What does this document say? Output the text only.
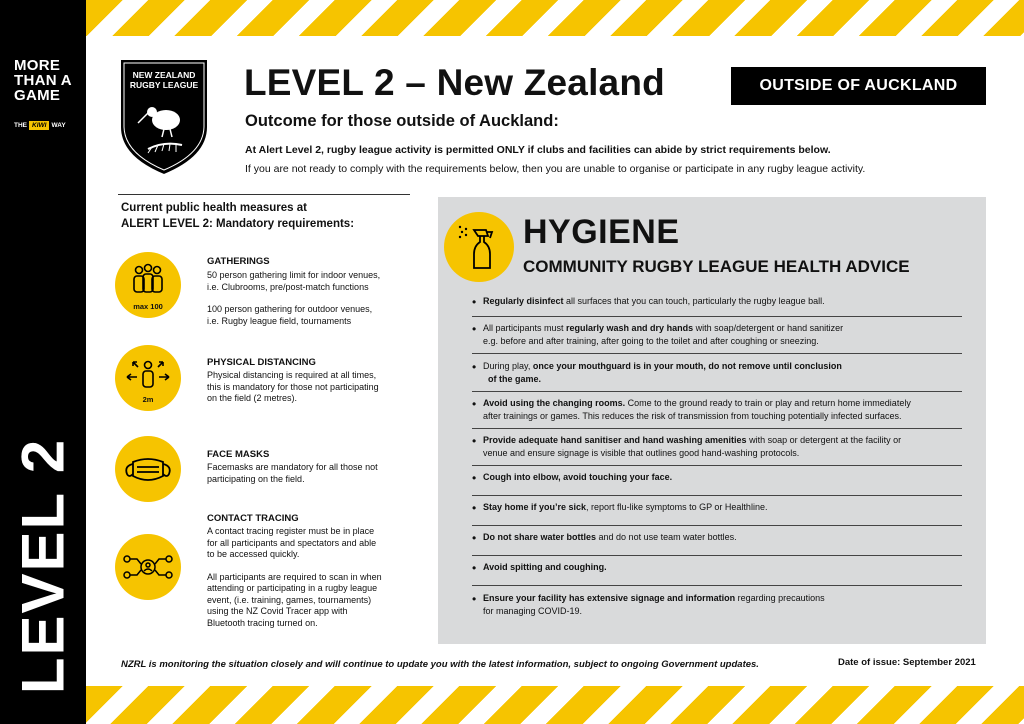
MORE
THAN A
GAME
THE KIWI WAY
LEVEL 2
NEW ZEALAND
RUGBY LEAGUE	LEVEL 2 – New Zealand	OUTSIDE OF AUCKLAND
Outcome for those outside of Auckland:
At Alert Level 2, rugby league activity is permitted ONLY if clubs and facilities can abide by strict requirements below.
If you are not ready to comply with the requirements below, then you are unable to organise or participate in any rugby league activity.
Current public health measures at
ALERT LEVEL 2: Mandatory requirements:
max 100
GATHERINGS
50 person gathering limit for indoor venues,
i.e. Clubrooms, pre/post-match functions
100 person gathering for outdoor venues,
i.e. Rugby league field, tournaments
2m
PHYSICAL DISTANCING
Physical distancing is required at all times,
this is mandatory for those not participating
on the field (2 metres).
FACE MASKS
Facemasks are mandatory for all those not
participating on the field.
CONTACT TRACING
A contact tracing register must be in place
for all participants and spectators and able
to be accessed quickly.
All participants are required to scan in when
attending or participating in a rugby league
event, (i.e. training, games, tournaments)
using the NZ Covid Tracer app with
Bluetooth tracing turned on.
HYGIENE
COMMUNITY RUGBY LEAGUE HEALTH ADVICE
• Regularly disinfect all surfaces that you can touch, particularly the rugby league ball.
• All participants must regularly wash and dry hands with soap/detergent or hand sanitizer
e.g. before and after training, after going to the toilet and after coughing or sneezing.
• During play, once your mouthguard is in your mouth, do not remove until conclusion
of the game.
• Avoid using the changing rooms. Come to the ground ready to train or play and return home immediately
after trainings or games. This reduces the risk of transmission from touching potentially infected surfaces.
• Provide adequate hand sanitiser and hand washing amenities with soap or detergent at the facility or
venue and ensure signage is visible that outlines good hand-washing protocols.
• Cough into elbow, avoid touching your face.
• Stay home if you’re sick, report flu-like symptoms to GP or Healthline.
• Do not share water bottles and do not use team water bottles.
• Avoid spitting and coughing.
• Ensure your facility has extensive signage and information regarding precautions
for managing COVID-19.
NZRL is monitoring the situation closely and will continue to update you with the latest information, subject to ongoing Government updates.	Date of issue: September 2021
